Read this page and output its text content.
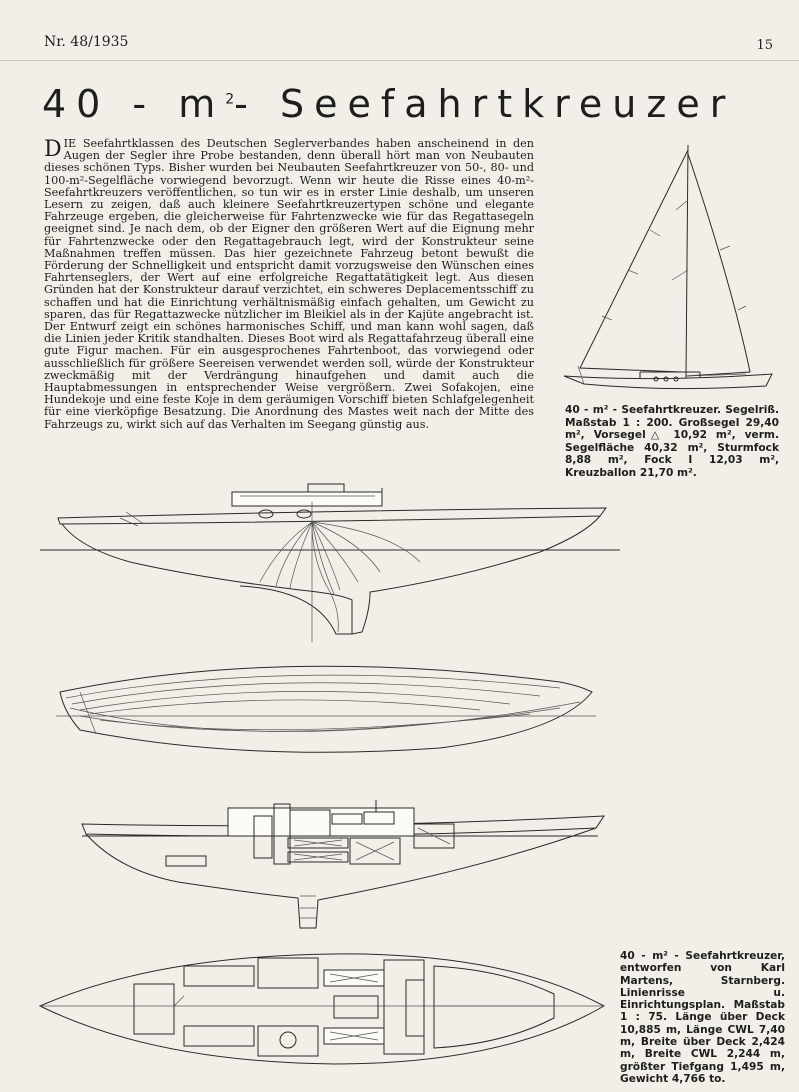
Nr. 48/1935	15
$40 - m^2-$ Seefahrtkreuzer

DIE Seefahrtklassen des Deutschen Seglerverbandes haben anscheinend in den Augen der Segler ihre Probe bestanden, denn überall hört man von Neubauten dieses schönen Typs. Bisher wurden bei Neubauten Seefahrtkreuzer von 50-, 80- und 100-m²-Segelfläche vorwiegend bevorzugt. Wenn wir heute die Risse eines 40-m²-Seefahrtkreuzers veröffentlichen, so tun wir es in erster Linie deshalb, um unseren Lesern zu zeigen, daß auch kleinere Seefahrtkreuzertypen schöne und elegante Fahrzeuge ergeben, die gleicherweise für Fahrtenzwecke wie für das Regattasegeln geeignet sind. Je nach dem, ob der Eigner den größeren Wert auf die Eignung mehr für Fahrtenzwecke oder den Regattagebrauch legt, wird der Konstrukteur seine Maßnahmen treffen müssen. Das hier gezeichnete Fahrzeug betont bewußt die Förderung der Schnelligkeit und entspricht damit vorzugsweise den Wünschen eines Fahrtenseglers, der Wert auf eine erfolgreiche Regattatätigkeit legt. Aus diesen Gründen hat der Konstrukteur darauf verzichtet, ein schweres Deplacementsschiff zu schaffen und hat die Einrichtung verhältnismäßig einfach gehalten, um Gewicht zu sparen, das für Regattazwecke nützlicher im Bleikiel als in der Kajüte angebracht ist. Der Entwurf zeigt ein schönes harmonisches Schiff, und man kann wohl sagen, daß die Linien jeder Kritik standhalten. Dieses Boot wird als Regattafahrzeug überall eine gute Figur machen. Für ein ausgesprochenes Fahrtenboot, das vorwiegend oder ausschließlich für größere Seereisen verwendet werden soll, würde der Konstrukteur zweckmäßig mit der Verdrängung hinaufgehen und damit auch die Hauptabmessungen in entsprechender Weise vergrößern. Zwei Sofakojen, eine Hundekoje und eine feste Koje in dem geräumigen Vorschiff bieten Schlafgelegenheit für eine vierköpfige Besatzung. Die Anordnung des Mastes weit nach der Mitte des Fahrzeugs zu, wirkt sich auf das Verhalten im Seegang günstig aus.

40 - m² - Seefahrtkreuzer. Segelriß. Maßstab 1 : 200. Großsegel 29,40 m², Vorsegel△ 10,92 m², verm. Segelfläche 40,32 m², Sturmfock 8,88 m², Fock I 12,03 m², Kreuzballon 21,70 m².
40 - m² - Seefahrtkreuzer, entworfen von Karl Martens, Starnberg. Linienrisse u. Einrichtungsplan. Maßstab 1 : 75. Länge über Deck 10,885 m, Länge CWL 7,40 m, Breite über Deck 2,424 m, Breite CWL 2,244 m, größter Tiefgang 1,495 m, Gewicht 4,766 to.
